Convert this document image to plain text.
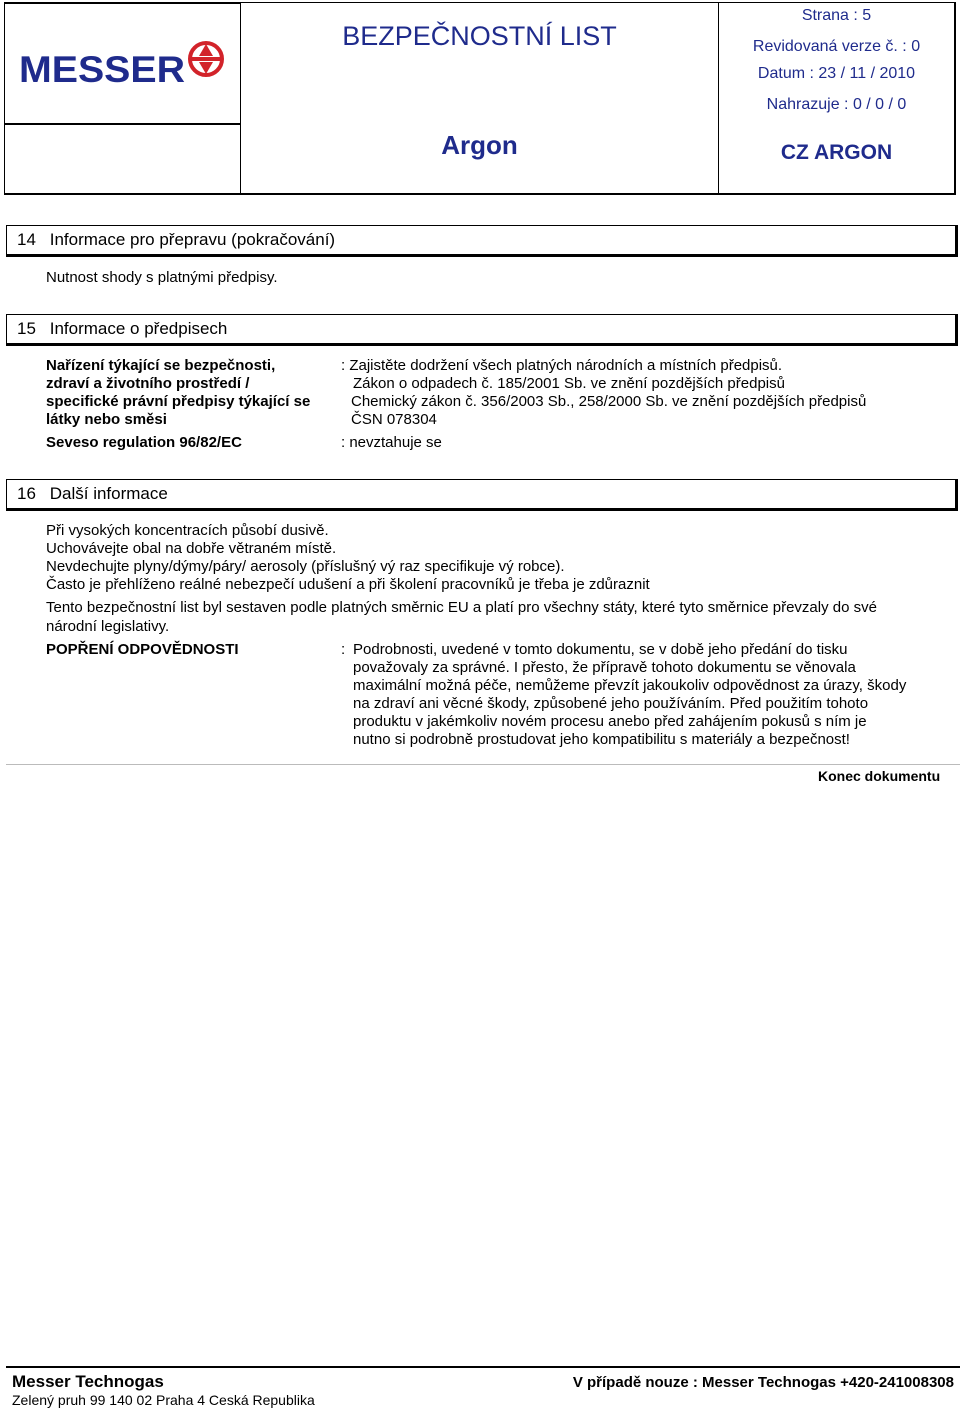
MESSER
BEZPEČNOSTNÍ LIST
Argon
Strana : 5
Revidovaná verze č. : 0
Datum : 23 / 11 / 2010
Nahrazuje : 0 / 0 / 0
CZ ARGON
14 Informace pro přepravu (pokračování)
Nutnost shody s platnými předpisy.
15 Informace o předpisech
Nařízení týkající se bezpečnosti,
zdraví a životního prostředí /
specifické právní předpisy týkající se
látky nebo směsi
: Zajistěte dodržení všech platných národních a místních předpisů.
Zákon o odpadech č. 185/2001 Sb. ve znění pozdějších předpisů
Chemický zákon č. 356/2003 Sb., 258/2000 Sb. ve znění pozdějších předpisů
ČSN 078304
Seveso regulation 96/82/EC	: nevztahuje se
16 Další informace
Při vysokých koncentracích působí dusivě.
Uchovávejte obal na dobře větraném místě.
Nevdechujte plyny/dýmy/páry/ aerosoly (příslušný vý raz specifikuje vý robce).
Často je přehlíženo reálné nebezpečí udušení a při školení pracovníků je třeba je zdůraznit
Tento bezpečnostní list byl sestaven podle platných směrnic EU a platí pro všechny státy, které tyto směrnice převzaly do své
národní legislativy.
POPŘENÍ ODPOVĚDNOSTI	: Podrobnosti, uvedené v tomto dokumentu, se v době jeho předání do tisku
považovaly za správné. I přesto, že přípravě tohoto dokumentu se věnovala
maximální možná péče, nemůžeme převzít jakoukoliv odpovědnost za úrazy, škody
na zdraví ani věcné škody, způsobené jeho používáním. Před použitím tohoto
produktu v jakémkoliv novém procesu anebo před zahájením pokusů s ním je
nutno si podrobně prostudovat jeho kompatibilitu s materiály a bezpečnost!
Konec dokumentu
Messer Technogas
Zelený pruh 99 140 02 Praha 4 Ceská Republika
V případě nouze : Messer Technogas +420-241008308
